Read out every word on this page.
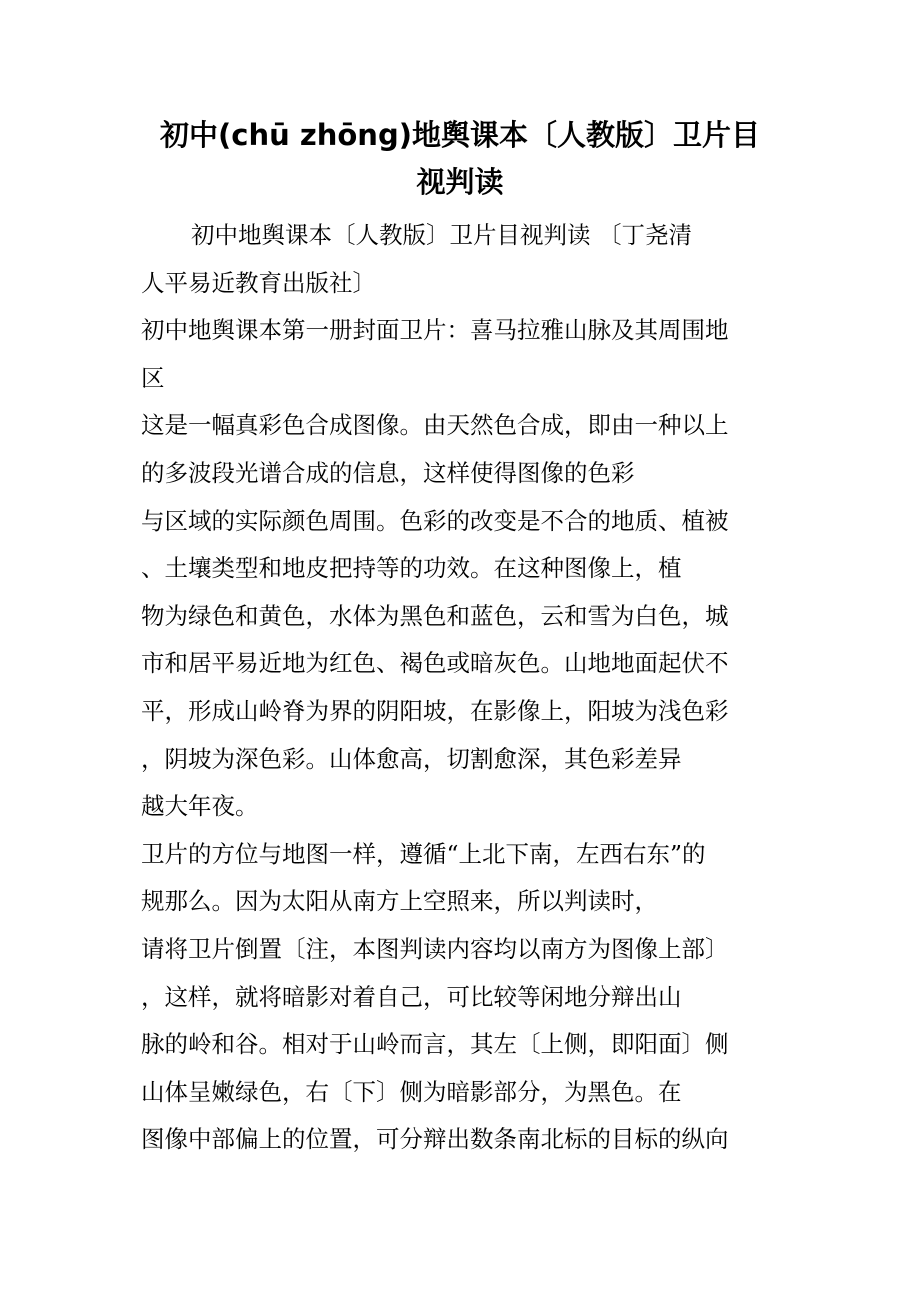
初中(chū zhōng)地舆课本〔人教版〕卫片目
视判读
初中地舆课本〔人教版〕卫片目视判读 〔丁尧清
人平易近教育出版社〕
初中地舆课本第一册封面卫片：喜马拉雅山脉及其周围地
区
这是一幅真彩色合成图像。由天然色合成，即由一种以上
的多波段光谱合成的信息，这样使得图像的色彩
与区域的实际颜色周围。色彩的改变是不合的地质、植被
、土壤类型和地皮把持等的功效。在这种图像上，植
物为绿色和黄色，水体为黑色和蓝色，云和雪为白色，城
市和居平易近地为红色、褐色或暗灰色。山地地面起伏不
平，形成山岭脊为界的阴阳坡，在影像上，阳坡为浅色彩
，阴坡为深色彩。山体愈高，切割愈深，其色彩差异
越大年夜。
卫片的方位与地图一样，遵循“上北下南，左西右东”的
规那么。因为太阳从南方上空照来，所以判读时，
请将卫片倒置〔注，本图判读内容均以南方为图像上部〕
，这样，就将暗影对着自己，可比较等闲地分辩出山
脉的岭和谷。相对于山岭而言，其左〔上侧，即阳面〕侧
山体呈嫩绿色，右〔下〕侧为暗影部分，为黑色。在
图像中部偏上的位置，可分辩出数条南北标的目标的纵向
